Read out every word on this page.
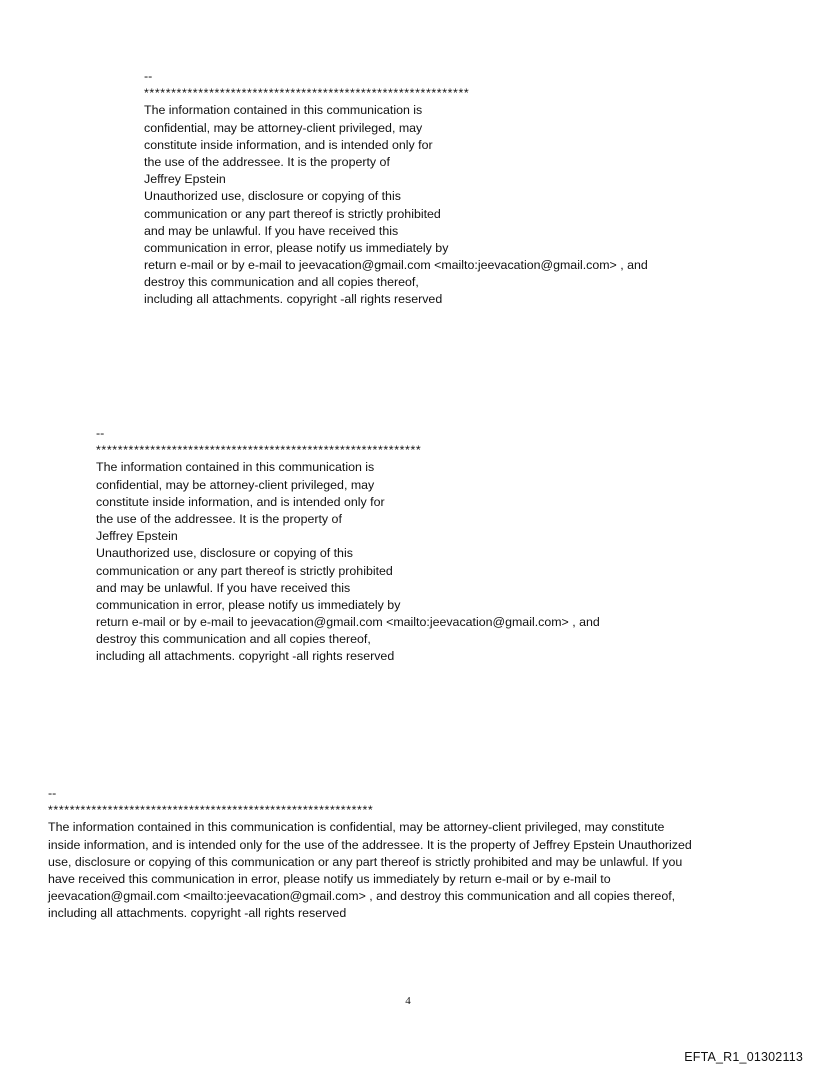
--
************************************************************
The information contained in this communication is
confidential, may be attorney-client privileged, may
constitute inside information, and is intended only for
the use of the addressee. It is the property of
Jeffrey Epstein
Unauthorized use, disclosure or copying of this
communication or any part thereof is strictly prohibited
and may be unlawful. If you have received this
communication in error, please notify us immediately by
return e-mail or by e-mail to jeevacation@gmail.com <mailto:jeevacation@gmail.com> , and
destroy this communication and all copies thereof,
including all attachments. copyright -all rights reserved
--
************************************************************
The information contained in this communication is
confidential, may be attorney-client privileged, may
constitute inside information, and is intended only for
the use of the addressee. It is the property of
Jeffrey Epstein
Unauthorized use, disclosure or copying of this
communication or any part thereof is strictly prohibited
and may be unlawful. If you have received this
communication in error, please notify us immediately by
return e-mail or by e-mail to jeevacation@gmail.com <mailto:jeevacation@gmail.com> , and
destroy this communication and all copies thereof,
including all attachments. copyright -all rights reserved
--
************************************************************
The information contained in this communication is confidential, may be attorney-client privileged, may constitute
inside information, and is intended only for the use of the addressee. It is the property of Jeffrey Epstein Unauthorized
use, disclosure or copying of this communication or any part thereof is strictly prohibited and may be unlawful. If you
have received this communication in error, please notify us immediately by return e-mail or by e-mail to
jeevacation@gmail.com <mailto:jeevacation@gmail.com> , and destroy this communication and all copies thereof,
including all attachments. copyright -all rights reserved
4
EFTA_R1_01302113
